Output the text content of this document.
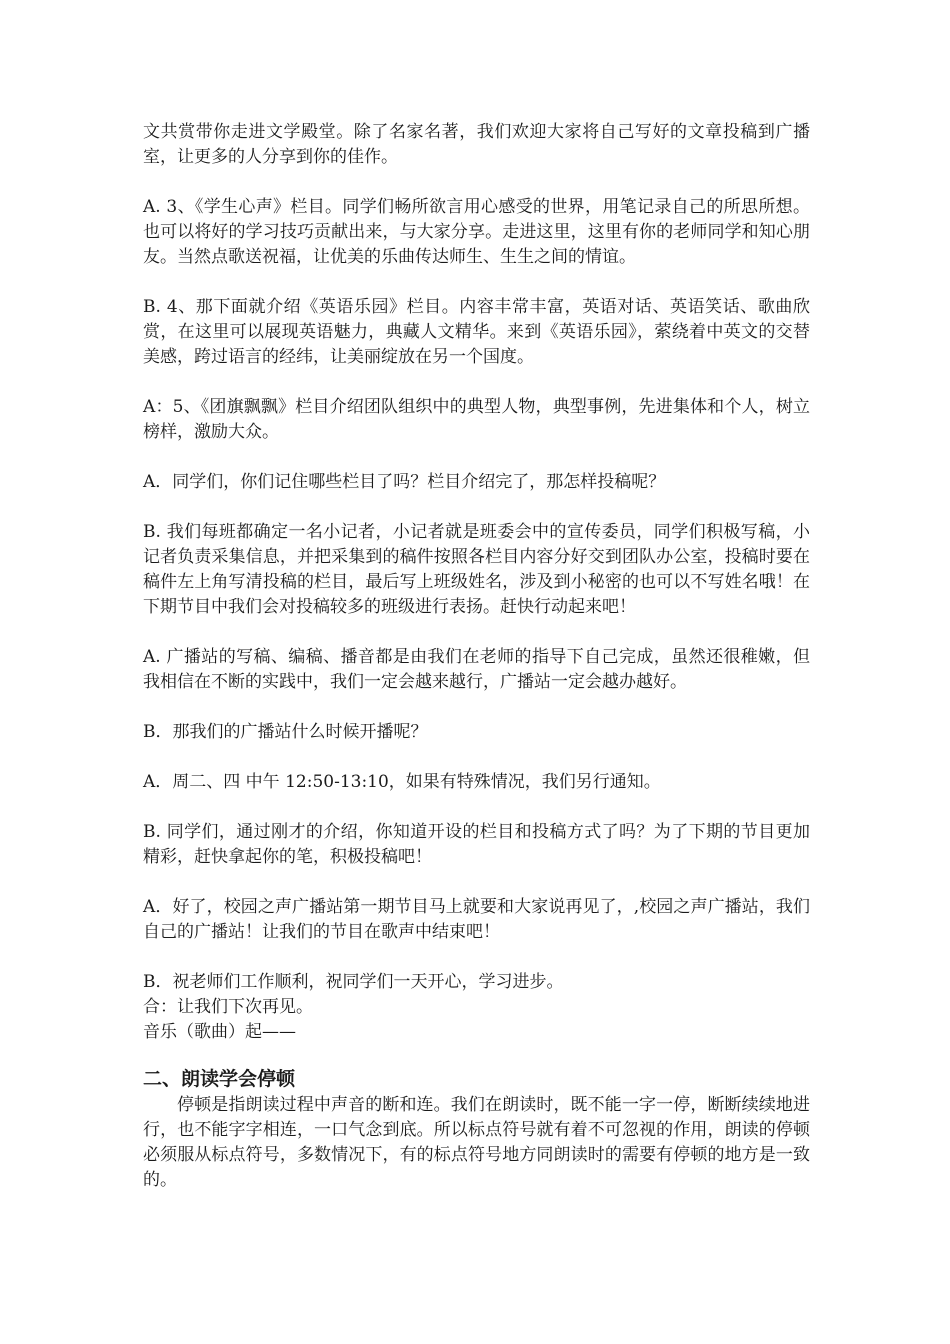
文共赏带你走进文学殿堂。除了名家名著，我们欢迎大家将自己写好的文章投稿到广播室，让更多的人分享到你的佳作。

A. 3、《学生心声》栏目。同学们畅所欲言用心感受的世界，用笔记录自己的所思所想。也可以将好的学习技巧贡献出来，与大家分享。走进这里，这里有你的老师同学和知心朋友。当然点歌送祝福，让优美的乐曲传达师生、生生之间的情谊。

B. 4、那下面就介绍《英语乐园》栏目。内容丰常丰富，英语对话、英语笑话、歌曲欣赏，在这里可以展现英语魅力，典藏人文精华。来到《英语乐园》，萦绕着中英文的交替美感，跨过语言的经纬，让美丽绽放在另一个国度。

A：5、《团旗飘飘》栏目介绍团队组织中的典型人物，典型事例，先进集体和个人，树立榜样，激励大众。

A．同学们，你们记住哪些栏目了吗？栏目介绍完了，那怎样投稿呢？

B. 我们每班都确定一名小记者，小记者就是班委会中的宣传委员，同学们积极写稿，小记者负责采集信息，并把采集到的稿件按照各栏目内容分好交到团队办公室，投稿时要在稿件左上角写清投稿的栏目，最后写上班级姓名，涉及到小秘密的也可以不写姓名哦！在下期节目中我们会对投稿较多的班级进行表扬。赶快行动起来吧！

A. 广播站的写稿、编稿、播音都是由我们在老师的指导下自己完成，虽然还很稚嫩，但我相信在不断的实践中，我们一定会越来越行，广播站一定会越办越好。

B．那我们的广播站什么时候开播呢？

A．周二、四 中午 12:50-13:10，如果有特殊情况，我们另行通知。

B. 同学们，通过刚才的介绍，你知道开设的栏目和投稿方式了吗？为了下期的节目更加精彩，赶快拿起你的笔，积极投稿吧！

A．好了，校园之声广播站第一期节目马上就要和大家说再见了，,校园之声广播站，我们自己的广播站！让我们的节目在歌声中结束吧！

B．祝老师们工作顺利，祝同学们一天开心，学习进步。

合：让我们下次再见。

音乐（歌曲）起——

二、朗读学会停顿

停顿是指朗读过程中声音的断和连。我们在朗读时，既不能一字一停，断断续续地进行，也不能字字相连，一口气念到底。所以标点符号就有着不可忽视的作用，朗读的停顿必须服从标点符号，多数情况下，有的标点符号地方同朗读时的需要有停顿的地方是一致的。
